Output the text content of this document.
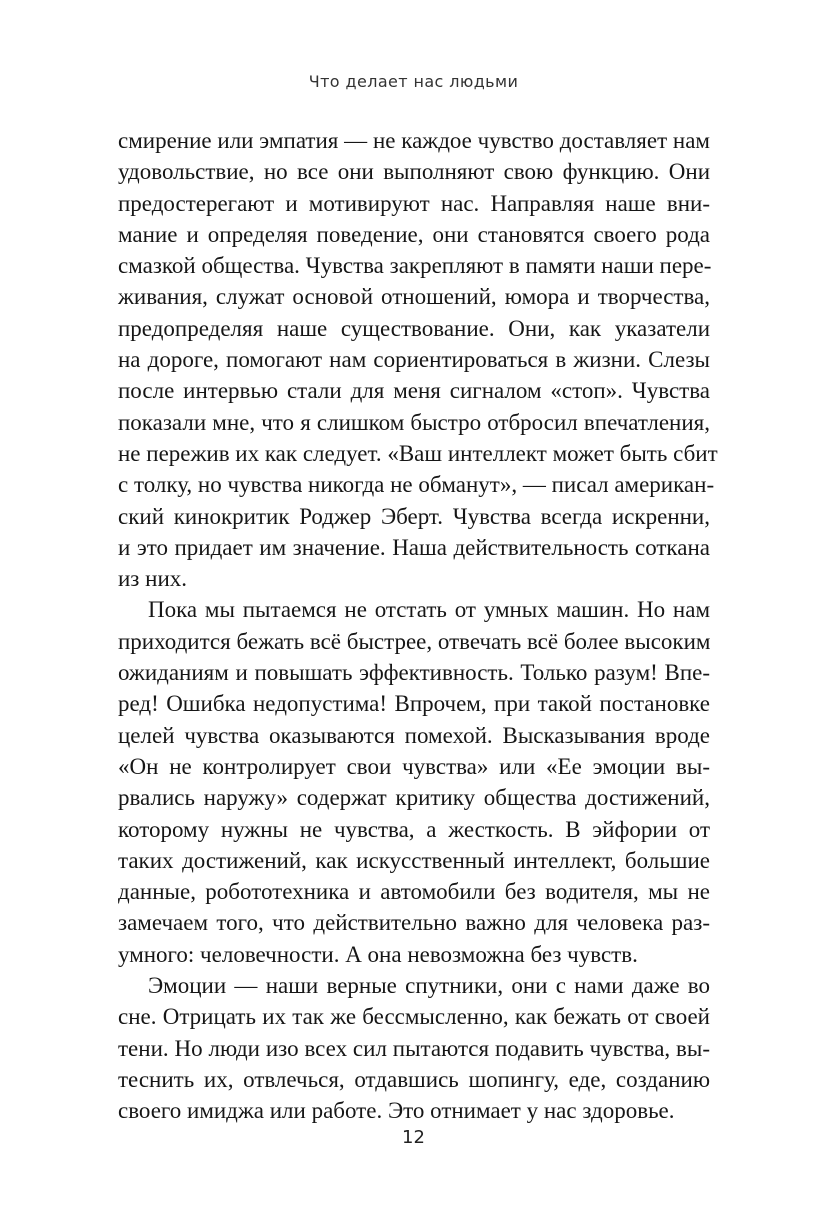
Что делает нас людьми

смирение или эмпатия — не каждое чувство доставляет нам
удовольствие, но все они выполняют свою функцию. Они
предостерегают и мотивируют нас. Направляя наше вни-
мание и определяя поведение, они становятся своего рода
смазкой общества. Чувства закрепляют в памяти наши пере-
живания, служат основой отношений, юмора и творчества,
предопределяя наше существование. Они, как указатели
на дороге, помогают нам сориентироваться в жизни. Слезы
после интервью стали для меня сигналом «стоп». Чувства
показали мне, что я слишком быстро отбросил впечатления,
не пережив их как следует. «Ваш интеллект может быть сбит
с толку, но чувства никогда не обманут», — писал американ-
ский кинокритик Роджер Эберт. Чувства всегда искренни,
и это придает им значение. Наша действительность соткана
из них.

Пока мы пытаемся не отстать от умных машин. Но нам
приходится бежать всё быстрее, отвечать всё более высоким
ожиданиям и повышать эффективность. Только разум! Впе-
ред! Ошибка недопустима! Впрочем, при такой постановке
целей чувства оказываются помехой. Высказывания вроде
«Он не контролирует свои чувства» или «Ее эмоции вы-
рвались наружу» содержат критику общества достижений,
которому нужны не чувства, а жесткость. В эйфории от
таких достижений, как искусственный интеллект, большие
данные, робототехника и автомобили без водителя, мы не
замечаем того, что действительно важно для человека раз-
умного: человечности. А она невозможна без чувств.

Эмоции — наши верные спутники, они с нами даже во
сне. Отрицать их так же бессмысленно, как бежать от своей
тени. Но люди изо всех сил пытаются подавить чувства, вы-
теснить их, отвлечься, отдавшись шопингу, еде, созданию
своего имиджа или работе. Это отнимает у нас здоровье.

12
